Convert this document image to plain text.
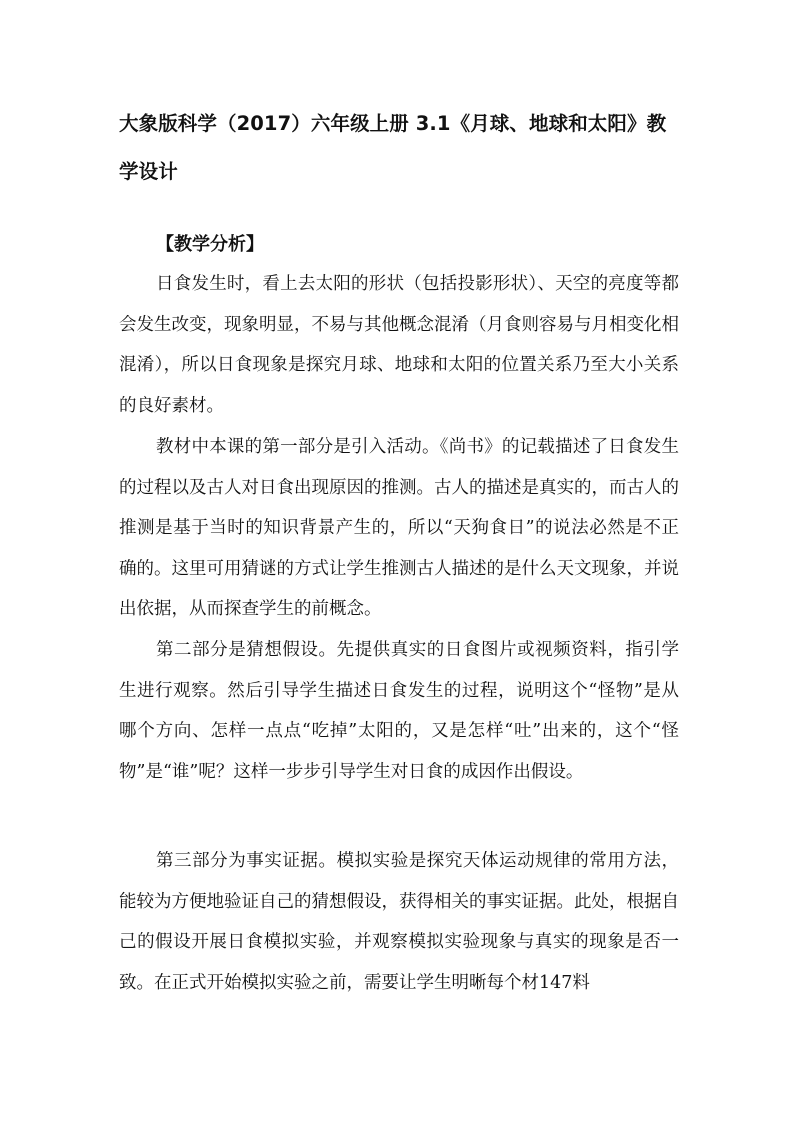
大象版科学（2017）六年级上册 3.1《月球、地球和太阳》教学设计
【教学分析】

日食发生时，看上去太阳的形状（包括投影形状）、天空的亮度等都会发生改变，现象明显，不易与其他概念混淆（月食则容易与月相变化相混淆），所以日食现象是探究月球、地球和太阳的位置关系乃至大小关系的良好素材。

教材中本课的第一部分是引入活动。《尚书》的记载描述了日食发生的过程以及古人对日食出现原因的推测。古人的描述是真实的，而古人的推测是基于当时的知识背景产生的，所以“天狗食日”的说法必然是不正确的。这里可用猜谜的方式让学生推测古人描述的是什么天文现象，并说出依据，从而探查学生的前概念。

第二部分是猜想假设。先提供真实的日食图片或视频资料，指引学生进行观察。然后引导学生描述日食发生的过程，说明这个“怪物”是从哪个方向、怎样一点点“吃掉”太阳的，又是怎样“吐”出来的，这个“怪物”是“谁”呢？这样一步步引导学生对日食的成因作出假设。

第三部分为事实证据。模拟实验是探究天体运动规律的常用方法，能较为方便地验证自己的猜想假设，获得相关的事实证据。此处，根据自己的假设开展日食模拟实验，并观察模拟实验现象与真实的现象是否一致。在正式开始模拟实验之前，需要让学生明晰每个材147料
